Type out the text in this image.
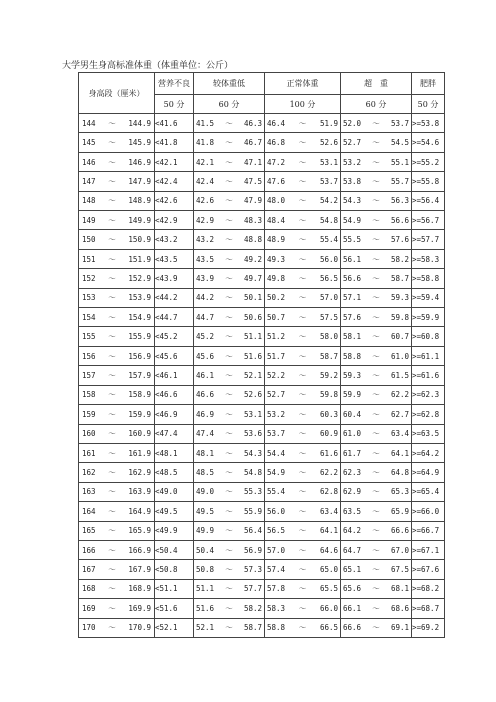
大学男生身高标准体重（体重单位：公斤）
身高段（厘米）	营养不良	较体重低	正常体重	超　重	肥胖
	50 分	60 分	100 分	60 分	50 分

144 ～ 144.9	<41.6	41.5 ～ 46.3	46.4 ～ 51.9	52.0 ～ 53.7	>=53.8

145 ～ 145.9	<41.8	41.8 ～ 46.7	46.8 ～ 52.6	52.7 ～ 54.5	>=54.6

146 ～ 146.9	<42.1	42.1 ～ 47.1	47.2 ～ 53.1	53.2 ～ 55.1	>=55.2

147 ～ 147.9	<42.4	42.4 ～ 47.5	47.6 ～ 53.7	53.8 ～ 55.7	>=55.8

148 ～ 148.9	<42.6	42.6 ～ 47.9	48.0 ～ 54.2	54.3 ～ 56.3	>=56.4

149 ～ 149.9	<42.9	42.9 ～ 48.3	48.4 ～ 54.8	54.9 ～ 56.6	>=56.7

150 ～ 150.9	<43.2	43.2 ～ 48.8	48.9 ～ 55.4	55.5 ～ 57.6	>=57.7

151 ～ 151.9	<43.5	43.5 ～ 49.2	49.3 ～ 56.0	56.1 ～ 58.2	>=58.3

152 ～ 152.9	<43.9	43.9 ～ 49.7	49.8 ～ 56.5	56.6 ～ 58.7	>=58.8

153 ～ 153.9	<44.2	44.2 ～ 50.1	50.2 ～ 57.0	57.1 ～ 59.3	>=59.4

154 ～ 154.9	<44.7	44.7 ～ 50.6	50.7 ～ 57.5	57.6 ～ 59.8	>=59.9

155 ～ 155.9	<45.2	45.2 ～ 51.1	51.2 ～ 58.0	58.1 ～ 60.7	>=60.8

156 ～ 156.9	<45.6	45.6 ～ 51.6	51.7 ～ 58.7	58.8 ～ 61.0	>=61.1

157 ～ 157.9	<46.1	46.1 ～ 52.1	52.2 ～ 59.2	59.3 ～ 61.5	>=61.6

158 ～ 158.9	<46.6	46.6 ～ 52.6	52.7 ～ 59.8	59.9 ～ 62.2	>=62.3

159 ～ 159.9	<46.9	46.9 ～ 53.1	53.2 ～ 60.3	60.4 ～ 62.7	>=62.8

160 ～ 160.9	<47.4	47.4 ～ 53.6	53.7 ～ 60.9	61.0 ～ 63.4	>=63.5

161 ～ 161.9	<48.1	48.1 ～ 54.3	54.4 ～ 61.6	61.7 ～ 64.1	>=64.2

162 ～ 162.9	<48.5	48.5 ～ 54.8	54.9 ～ 62.2	62.3 ～ 64.8	>=64.9

163 ～ 163.9	<49.0	49.0 ～ 55.3	55.4 ～ 62.8	62.9 ～ 65.3	>=65.4

164 ～ 164.9	<49.5	49.5 ～ 55.9	56.0 ～ 63.4	63.5 ～ 65.9	>=66.0

165 ～ 165.9	<49.9	49.9 ～ 56.4	56.5 ～ 64.1	64.2 ～ 66.6	>=66.7

166 ～ 166.9	<50.4	50.4 ～ 56.9	57.0 ～ 64.6	64.7 ～ 67.0	>=67.1

167 ～ 167.9	<50.8	50.8 ～ 57.3	57.4 ～ 65.0	65.1 ～ 67.5	>=67.6

168 ～ 168.9	<51.1	51.1 ～ 57.7	57.8 ～ 65.5	65.6 ～ 68.1	>=68.2

169 ～ 169.9	<51.6	51.6 ～ 58.2	58.3 ～ 66.0	66.1 ～ 68.6	>=68.7

170 ～ 170.9	<52.1	52.1 ～ 58.7	58.8 ～ 66.5	66.6 ～ 69.1	>=69.2
